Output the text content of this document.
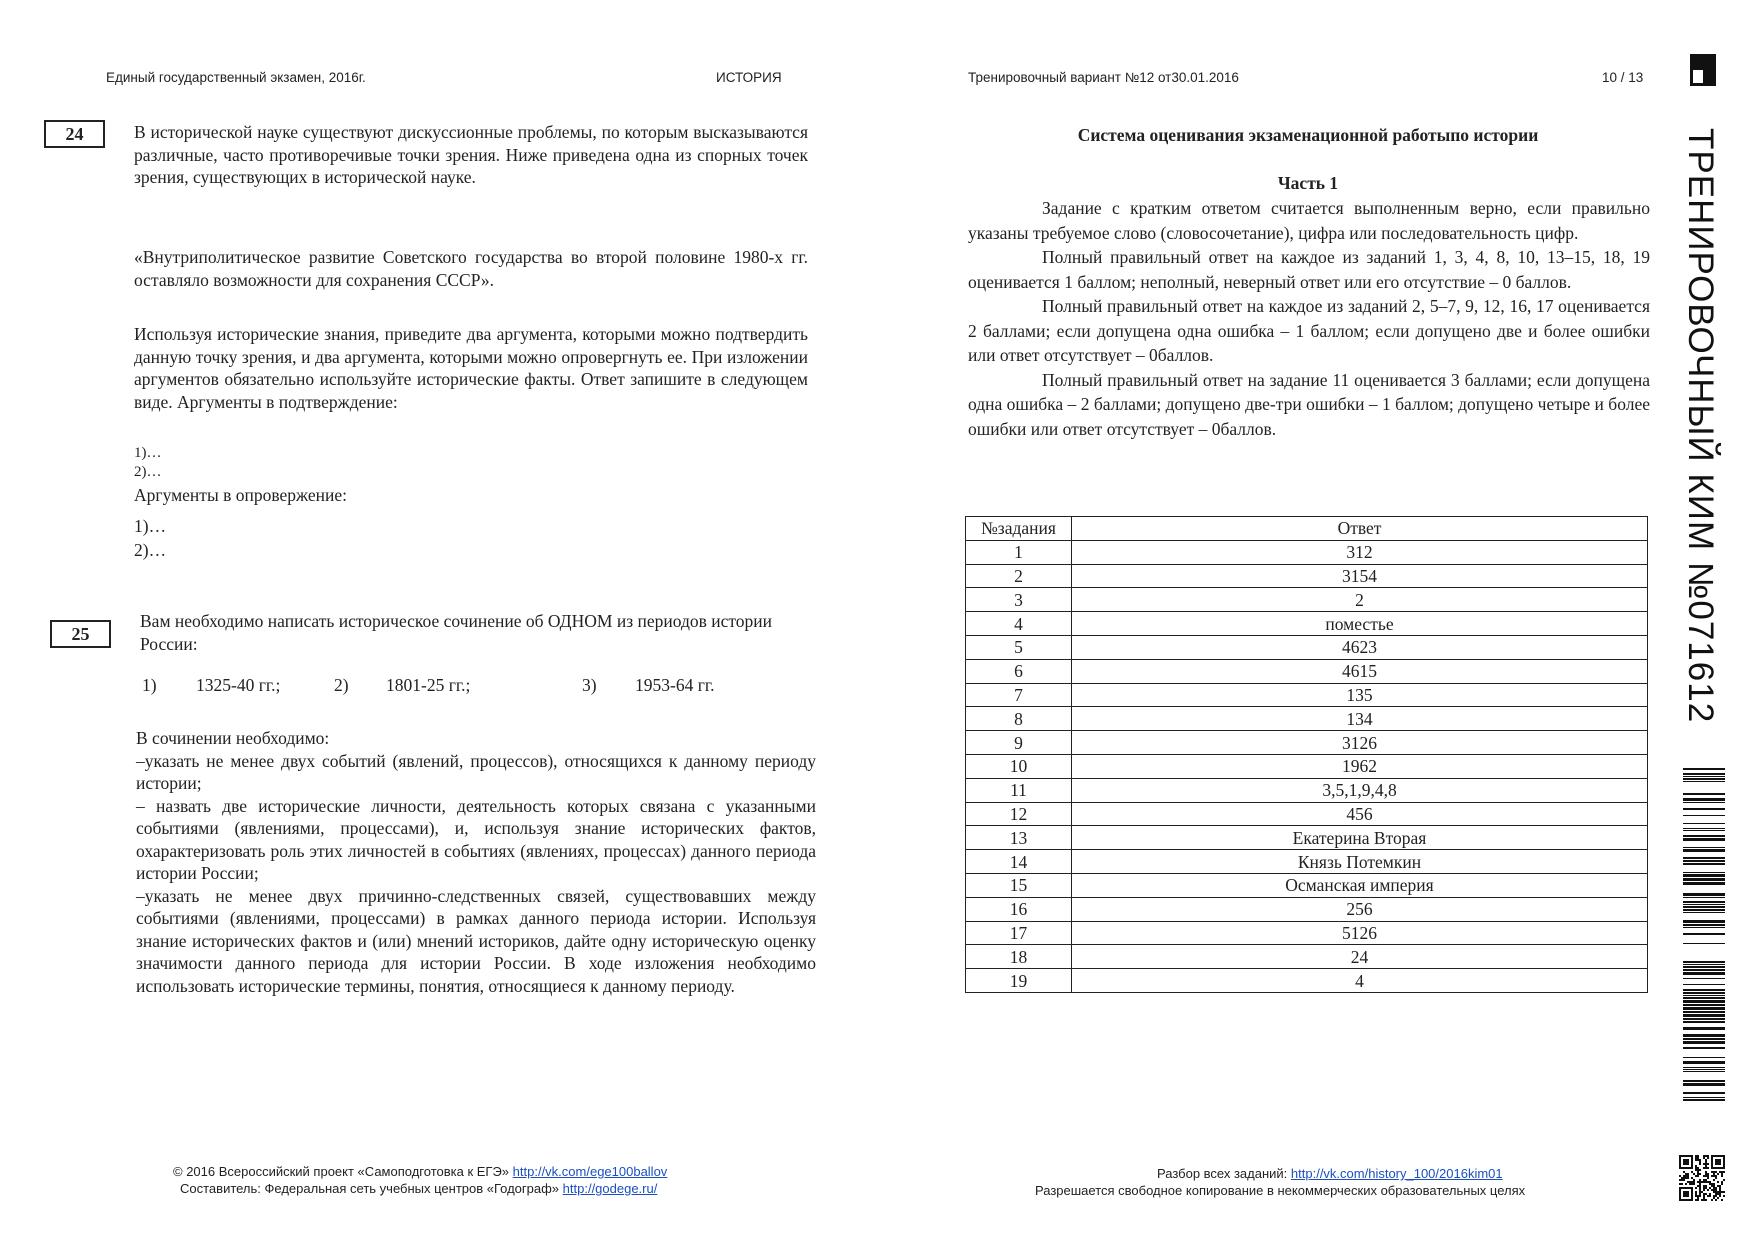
Единый государственный экзамен, 2016г.	ИСТОРИЯ	Тренировочный вариант №12 от30.01.2016	10 / 13
24	В исторической науке существуют дискуссионные проблемы, по которым высказываются различные, часто противоречивые точки зрения. Ниже приведена одна из спорных точек зрения, существующих в исторической науке.
«Внутриполитическое развитие Советского государства во второй половине 1980-х гг. оставляло возможности для сохранения СССР».
Используя исторические знания, приведите два аргумента, которыми можно подтвердить данную точку зрения, и два аргумента, которыми можно опровергнуть ее. При изложении аргументов обязательно используйте исторические факты. Ответ запишите в следующем виде. Аргументы в подтверждение:
1)…
2)…
Аргументы в опровержение:
1)…
2)…
25
Вам необходимо написать историческое сочинение об ОДНОМ из периодов истории России:
1) 1325-40 гг.;	2) 1801-25 гг.;	3) 1953-64 гг.

В сочинении необходимо:

–указать не менее двух событий (явлений, процессов), относящихся к данному периоду истории;

– назвать две исторические личности, деятельность которых связана с указанными событиями (явлениями, процессами), и, используя знание исторических фактов, охарактеризовать роль этих личностей в событиях (явлениях, процессах) данного периода истории России;

–указать не менее двух причинно-следственных связей, существовавших между событиями (явлениями, процессами) в рамках данного периода истории. Используя знание исторических фактов и (или) мнений историков, дайте одну историческую оценку значимости данного периода для истории России. В ходе изложения необходимо использовать исторические термины, понятия, относящиеся к данному периоду.

Система оценивания экзаменационной работыпо истории
Часть 1

Задание с кратким ответом считается выполненным верно, если правильно указаны требуемое слово (словосочетание), цифра или последовательность цифр.

Полный правильный ответ на каждое из заданий 1, 3, 4, 8, 10, 13–15, 18, 19 оценивается 1 баллом; неполный, неверный ответ или его отсутствие – 0 баллов.

Полный правильный ответ на каждое из заданий 2, 5–7, 9, 12, 16, 17 оценивается 2 баллами; если допущена одна ошибка – 1 баллом; если допущено две и более ошибки или ответ отсутствует – 0баллов.

Полный правильный ответ на задание 11 оценивается 3 баллами; если допущена одна ошибка – 2 баллами; допущено две-три ошибки – 1 баллом; допущено четыре и более ошибки или ответ отсутствует – 0баллов.

№задания	Ответ
1	312
2	3154
3	2
4	поместье
5	4623
6	4615
7	135
8	134
9	3126
10	1962
11	3,5,1,9,4,8
12	456
13	Екатерина Вторая
14	Князь Потемкин
15	Османская империя
16	256
17	5126
18	24
19	4
ТРЕНИРОВОЧНЫЙ КИМ №071612
© 2016 Всероссийский проект «Самоподготовка к ЕГЭ» http://vk.com/ege100ballov
Составитель: Федеральная сеть учебных центров «Годограф» http://godege.ru/
Разбор всех заданий: http://vk.com/history_100/2016kim01
Разрешается свободное копирование в некоммерческих образовательных целях
